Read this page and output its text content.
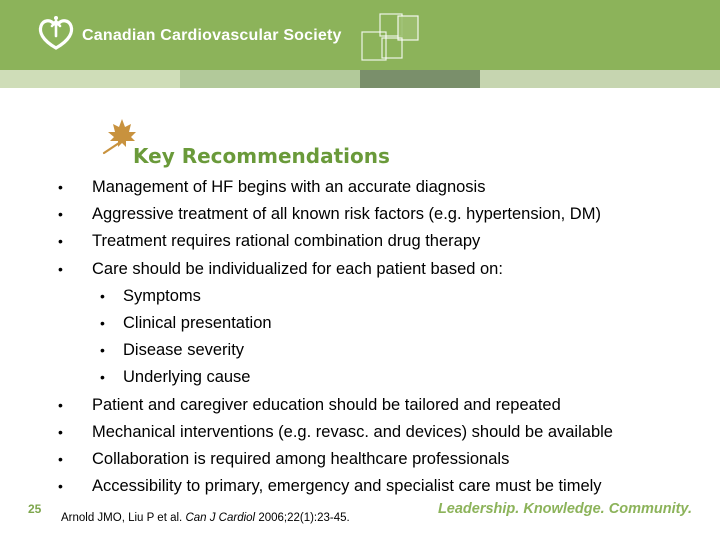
Canadian Cardiovascular Society
Key Recommendations
• Management of HF begins with an accurate diagnosis
• Aggressive treatment of all known risk factors (e.g. hypertension, DM)
• Treatment requires rational combination drug therapy
• Care should be individualized for each patient based on:
• Symptoms
• Clinical presentation
• Disease severity
• Underlying cause
• Patient and caregiver education should be tailored and repeated
• Mechanical interventions (e.g. revasc. and devices) should be available
• Collaboration is required among healthcare professionals
• Accessibility to primary, emergency and specialist care must be timely
25
Arnold JMO, Liu P et al. Can J Cardiol 2006;22(1):23-45.
Leadership. Knowledge. Community.
